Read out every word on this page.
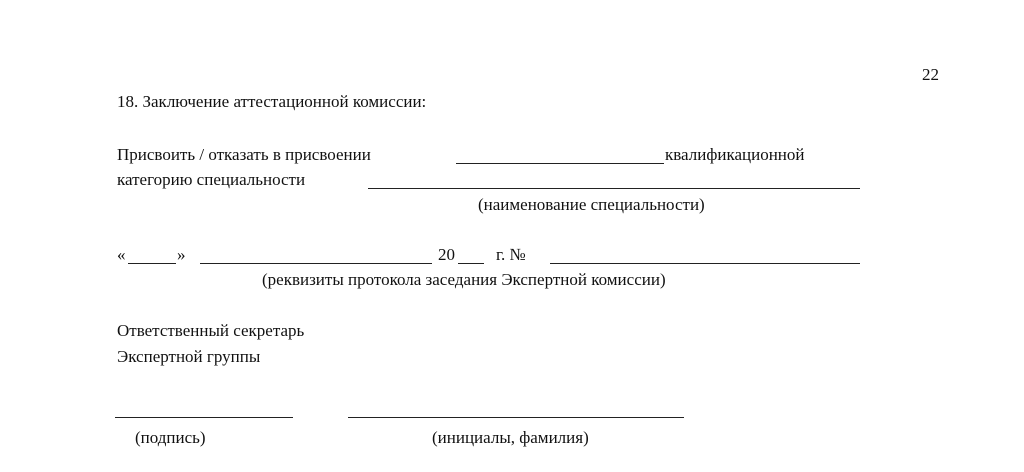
22
18. Заключение аттестационной комиссии:
Присвоить / отказать в присвоении	квалификационной
категорию специальности
(наименование специальности)
«	»	20 г. №
(реквизиты протокола заседания Экспертной комиссии)
Ответственный секретарь
Экспертной группы
(подпись)	(инициалы, фамилия)
